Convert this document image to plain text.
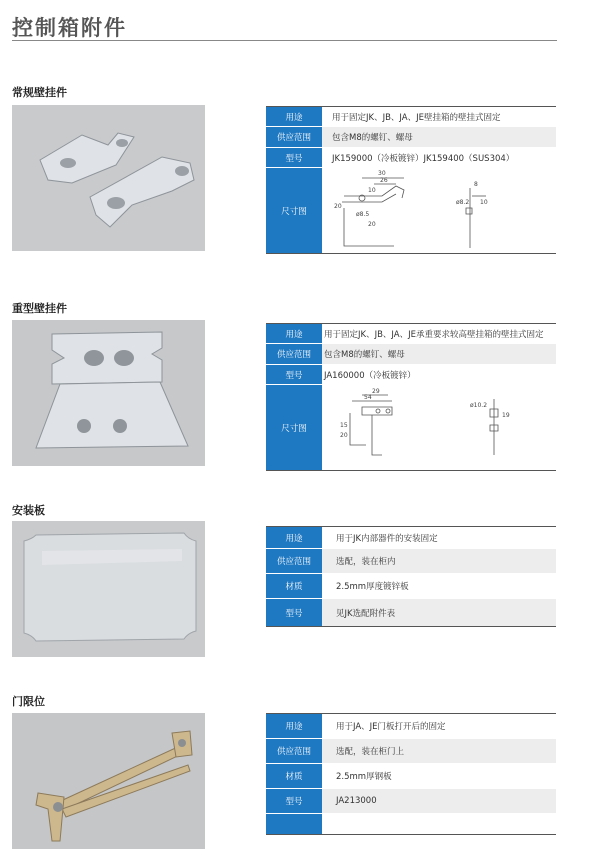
控制箱附件
常规壁挂件
用途	用于固定JK、JB、JA、JE壁挂箱的壁挂式固定
供应范围	包含M8的螺钉、螺母
型号	JK159000（冷板镀锌）JK159400（SUS304）
尺寸图
30
26
10
20
ø8.5
20
8
ø8.2 10
重型壁挂件
用途	用于固定JK、JB、JA、JE承重要求较高壁挂箱的壁挂式固定
供应范围	包含M8的螺钉、螺母
型号	JA160000（冷板镀锌）
尺寸图
29
54
15
20
ø10.2
19
安装板
用途	用于JK内部器件的安装固定
供应范围	选配，装在柜内
材质	2.5mm厚度镀锌板
型号	见JK选配附件表
门限位
用途	用于JA、JE门板打开后的固定
供应范围	选配，装在柜门上
材质	2.5mm厚钢板
型号	JA213000
